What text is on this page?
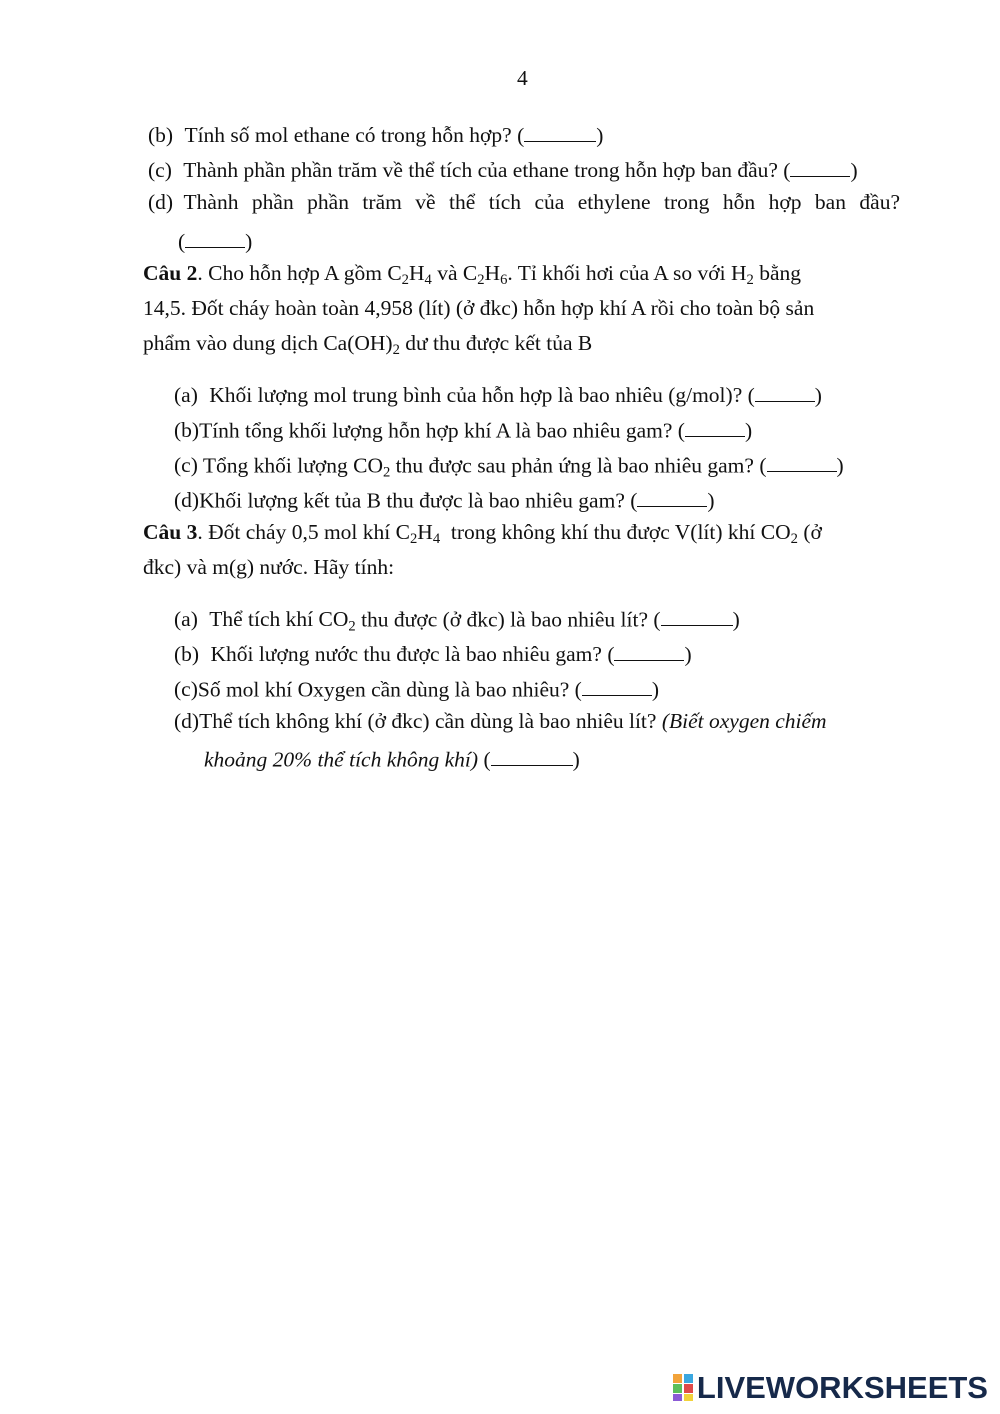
4
(b) Tính số mol ethane có trong hỗn hợp? (	)
(c) Thành phần phần trăm về thể tích của ethane trong hỗn hợp ban đầu? (	)
(d) Thành phần phần trăm về thể tích của ethylene trong hỗn hợp ban đầu?
(	)
Câu 2. Cho hỗn hợp A gồm $C_2H_4$ và $C_2H_6$. Tỉ khối hơi của A so với $H_2$ bằng
14,5. Đốt cháy hoàn toàn 4,958 (lít) (ở đkc) hỗn hợp khí A rồi cho toàn bộ sản
phẩm vào dung dịch $Ca(OH)_2$ dư thu được kết tủa B
(a) Khối lượng mol trung bình của hỗn hợp là bao nhiêu (g/mol)? (	)
(b)Tính tổng khối lượng hỗn hợp khí A là bao nhiêu gam? (	)
(c) Tổng khối lượng $CO_2$ thu được sau phản ứng là bao nhiêu gam? (	)
(d)Khối lượng kết tủa B thu được là bao nhiêu gam? (	)
Câu 3. Đốt cháy 0,5 mol khí $C_2H_4$  trong không khí thu được V(lít) khí $CO_2$ (ở
đkc) và m(g) nước. Hãy tính:
(a) Thể tích khí $CO_2$ thu được (ở đkc) là bao nhiêu lít? (	)
(b) Khối lượng nước thu được là bao nhiêu gam? (	)
(c)Số mol khí Oxygen cần dùng là bao nhiêu? (	)
(d)Thể tích không khí (ở đkc) cần dùng là bao nhiêu lít? (Biết oxygen chiếm
khoảng 20% thể tích không khí) (	)
LIVEWORKSHEETS
